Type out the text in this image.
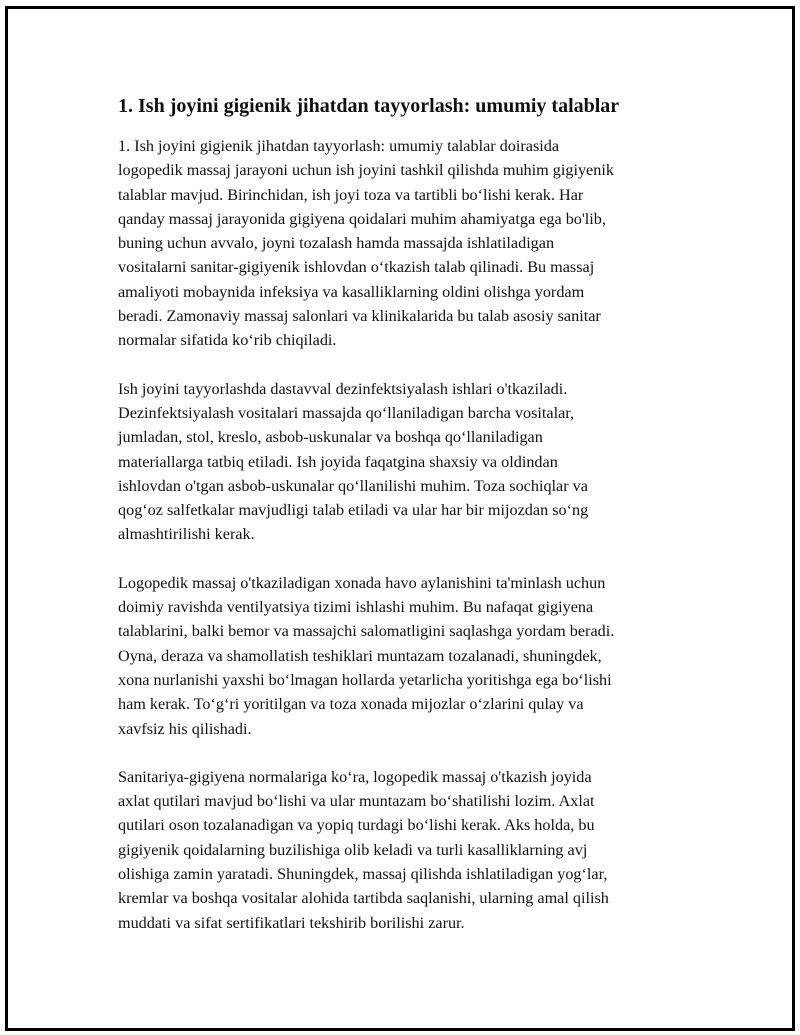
1. Ish joyini gigienik jihatdan tayyorlash: umumiy talablar

1. Ish joyini gigienik jihatdan tayyorlash: umumiy talablar doirasida
logopedik massaj jarayoni uchun ish joyini tashkil qilishda muhim gigiyenik
talablar mavjud. Birinchidan, ish joyi toza va tartibli bo‘lishi kerak. Har
qanday massaj jarayonida gigiyena qoidalari muhim ahamiyatga ega bo'lib,
buning uchun avvalo, joyni tozalash hamda massajda ishlatiladigan
vositalarni sanitar-gigiyenik ishlovdan o‘tkazish talab qilinadi. Bu massaj
amaliyoti mobaynida infeksiya va kasalliklarning oldini olishga yordam
beradi. Zamonaviy massaj salonlari va klinikalarida bu talab asosiy sanitar
normalar sifatida ko‘rib chiqiladi.

Ish joyini tayyorlashda dastavval dezinfektsiyalash ishlari o'tkaziladi.
Dezinfektsiyalash vositalari massajda qo‘llaniladigan barcha vositalar,
jumladan, stol, kreslo, asbob-uskunalar va boshqa qo‘llaniladigan
materiallarga tatbiq etiladi. Ish joyida faqatgina shaxsiy va oldindan
ishlovdan o'tgan asbob-uskunalar qo‘llanilishi muhim. Toza sochiqlar va
qog‘oz salfetkalar mavjudligi talab etiladi va ular har bir mijozdan so‘ng
almashtirilishi kerak.

Logopedik massaj o'tkaziladigan xonada havo aylanishini ta'minlash uchun
doimiy ravishda ventilyatsiya tizimi ishlashi muhim. Bu nafaqat gigiyena
talablarini, balki bemor va massajchi salomatligini saqlashga yordam beradi.
Oyna, deraza va shamollatish teshiklari muntazam tozalanadi, shuningdek,
xona nurlanishi yaxshi bo‘lmagan hollarda yetarlicha yoritishga ega bo‘lishi
ham kerak. To‘g‘ri yoritilgan va toza xonada mijozlar o‘zlarini qulay va
xavfsiz his qilishadi.

Sanitariya-gigiyena normalariga ko‘ra, logopedik massaj o'tkazish joyida
axlat qutilari mavjud bo‘lishi va ular muntazam bo‘shatilishi lozim. Axlat
qutilari oson tozalanadigan va yopiq turdagi bo‘lishi kerak. Aks holda, bu
gigiyenik qoidalarning buzilishiga olib keladi va turli kasalliklarning avj
olishiga zamin yaratadi. Shuningdek, massaj qilishda ishlatiladigan yog‘lar,
kremlar va boshqa vositalar alohida tartibda saqlanishi, ularning amal qilish
muddati va sifat sertifikatlari tekshirib borilishi zarur.
